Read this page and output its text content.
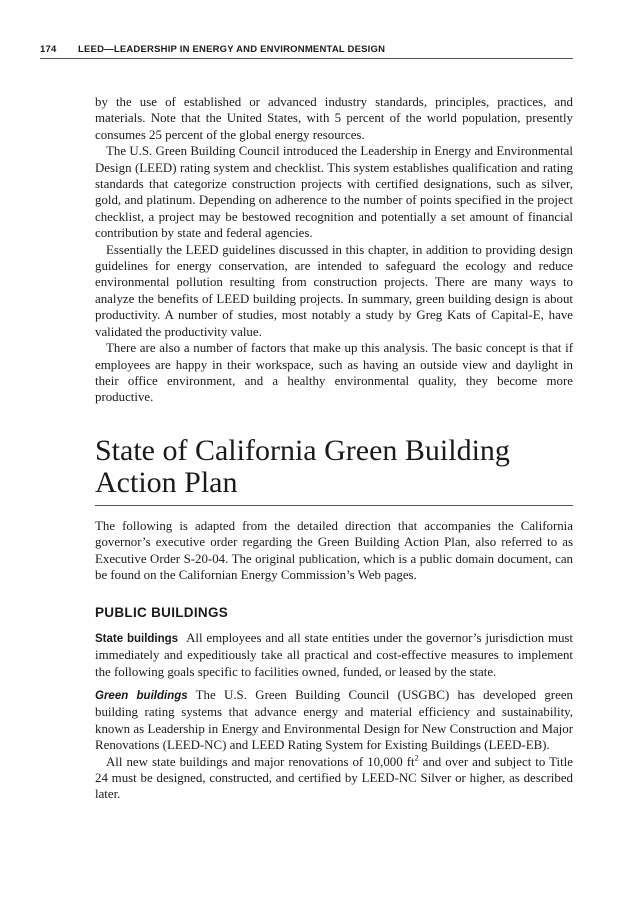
174 LEED—LEADERSHIP IN ENERGY AND ENVIRONMENTAL DESIGN

by the use of established or advanced industry standards, principles, practices, and materials. Note that the United States, with 5 percent of the world population, presently consumes 25 percent of the global energy resources.

The U.S. Green Building Council introduced the Leadership in Energy and Environmental Design (LEED) rating system and checklist. This system establishes qualification and rating standards that categorize construction projects with certified designations, such as silver, gold, and platinum. Depending on adherence to the number of points specified in the project checklist, a project may be bestowed recognition and potentially a set amount of financial contribution by state and federal agencies.

Essentially the LEED guidelines discussed in this chapter, in addition to providing design guidelines for energy conservation, are intended to safeguard the ecology and reduce environmental pollution resulting from construction projects. There are many ways to analyze the benefits of LEED building projects. In summary, green building design is about productivity. A number of studies, most notably a study by Greg Kats of Capital-E, have validated the productivity value.

There are also a number of factors that make up this analysis. The basic concept is that if employees are happy in their workspace, such as having an outside view and daylight in their office environment, and a healthy environmental quality, they become more productive.

State of California Green Building
Action Plan

The following is adapted from the detailed direction that accompanies the California governor’s executive order regarding the Green Building Action Plan, also referred to as Executive Order S-20-04. The original publication, which is a public domain document, can be found on the Californian Energy Commission’s Web pages.

PUBLIC BUILDINGS

State buildings All employees and all state entities under the governor’s jurisdiction must immediately and expeditiously take all practical and cost-effective measures to implement the following goals specific to facilities owned, funded, or leased by the state.

Green buildings The U.S. Green Building Council (USGBC) has developed green building rating systems that advance energy and material efficiency and sustainability, known as Leadership in Energy and Environmental Design for New Construction and Major Renovations (LEED-NC) and LEED Rating System for Existing Buildings (LEED-EB).

All new state buildings and major renovations of 10,000 $ft^2$ and over and subject to Title 24 must be designed, constructed, and certified by LEED-NC Silver or higher, as described later.
